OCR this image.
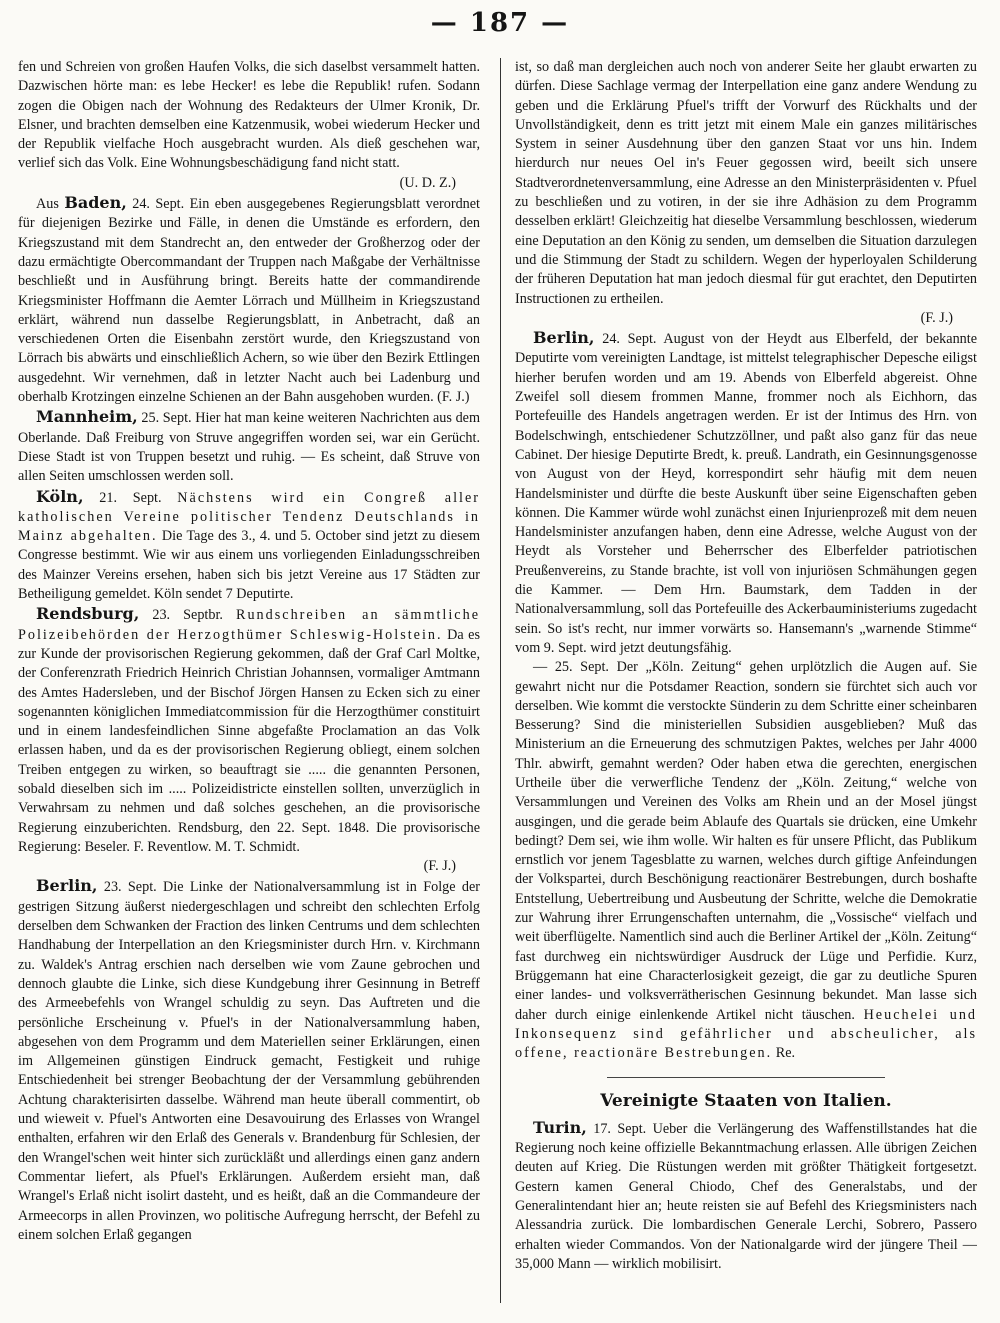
— 187 —

fen und Schreien von großen Haufen Volks, die sich daselbst versammelt hatten. Dazwischen hörte man: es lebe Hecker! es lebe die Republik! rufen. Sodann zogen die Obigen nach der Wohnung des Redakteurs der Ulmer Kronik, Dr. Elsner, und brachten demselben eine Katzenmusik, wobei wiederum Hecker und der Republik vielfache Hoch ausgebracht wurden. Als dieß geschehen war, verlief sich das Volk. Eine Wohnungsbeschädigung fand nicht statt.

(U. D. Z.)

Aus Baden, 24. Sept. Ein eben ausgegebenes Regierungsblatt verordnet für diejenigen Bezirke und Fälle, in denen die Umstände es erfordern, den Kriegszustand mit dem Standrecht an, den entweder der Großherzog oder der dazu ermächtigte Obercommandant der Truppen nach Maßgabe der Verhältnisse beschließt und in Ausführung bringt. Bereits hatte der commandirende Kriegsminister Hoffmann die Aemter Lörrach und Müllheim in Kriegszustand erklärt, während nun dasselbe Regierungsblatt, in Anbetracht, daß an verschiedenen Orten die Eisenbahn zerstört wurde, den Kriegszustand von Lörrach bis abwärts und einschließlich Achern, so wie über den Bezirk Ettlingen ausgedehnt. Wir vernehmen, daß in letzter Nacht auch bei Ladenburg und oberhalb Krotzingen einzelne Schienen an der Bahn ausgehoben wurden. (F. J.)

Mannheim, 25. Sept. Hier hat man keine weiteren Nachrichten aus dem Oberlande. Daß Freiburg von Struve angegriffen worden sei, war ein Gerücht. Diese Stadt ist von Truppen besetzt und ruhig. — Es scheint, daß Struve von allen Seiten umschlossen werden soll.

Köln, 21. Sept. Nächstens wird ein Congreß aller katholischen Vereine politischer Tendenz Deutschlands in Mainz abgehalten. Die Tage des 3., 4. und 5. October sind jetzt zu diesem Congresse bestimmt. Wie wir aus einem uns vorliegenden Einladungsschreiben des Mainzer Vereins ersehen, haben sich bis jetzt Vereine aus 17 Städten zur Betheiligung gemeldet. Köln sendet 7 Deputirte.

Rendsburg, 23. Septbr. Rundschreiben an sämmtliche Polizeibehörden der Herzogthümer Schleswig-Holstein. Da es zur Kunde der provisorischen Regierung gekommen, daß der Graf Carl Moltke, der Conferenzrath Friedrich Heinrich Christian Johannsen, vormaliger Amtmann des Amtes Hadersleben, und der Bischof Jörgen Hansen zu Ecken sich zu einer sogenannten königlichen Immediatcommission für die Herzogthümer constituirt und in einem landesfeindlichen Sinne abgefaßte Proclamation an das Volk erlassen haben, und da es der provisorischen Regierung obliegt, einem solchen Treiben entgegen zu wirken, so beauftragt sie ..... die genannten Personen, sobald dieselben sich im ..... Polizeidistricte einstellen sollten, unverzüglich in Verwahrsam zu nehmen und daß solches geschehen, an die provisorische Regierung einzuberichten. Rendsburg, den 22. Sept. 1848. Die provisorische Regierung: Beseler. F. Reventlow. M. T. Schmidt.

(F. J.)

Berlin, 23. Sept. Die Linke der Nationalversammlung ist in Folge der gestrigen Sitzung äußerst niedergeschlagen und schreibt den schlechten Erfolg derselben dem Schwanken der Fraction des linken Centrums und dem schlechten Handhabung der Interpellation an den Kriegsminister durch Hrn. v. Kirchmann zu. Waldek's Antrag erschien nach derselben wie vom Zaune gebrochen und dennoch glaubte die Linke, sich diese Kundgebung ihrer Gesinnung in Betreff des Armeebefehls von Wrangel schuldig zu seyn. Das Auftreten und die persönliche Erscheinung v. Pfuel's in der Nationalversammlung haben, abgesehen von dem Programm und dem Materiellen seiner Erklärungen, einen im Allgemeinen günstigen Eindruck gemacht, Festigkeit und ruhige Entschiedenheit bei strenger Beobachtung der der Versammlung gebührenden Achtung charakterisirten dasselbe. Während man heute überall commentirt, ob und wieweit v. Pfuel's Antworten eine Desavouirung des Erlasses von Wrangel enthalten, erfahren wir den Erlaß des Generals v. Brandenburg für Schlesien, der den Wrangel'schen weit hinter sich zurückläßt und allerdings einen ganz andern Commentar liefert, als Pfuel's Erklärungen. Außerdem ersieht man, daß Wrangel's Erlaß nicht isolirt dasteht, und es heißt, daß an die Commandeure der Armeecorps in allen Provinzen, wo politische Aufregung herrscht, der Befehl zu einem solchen Erlaß gegangen

ist, so daß man dergleichen auch noch von anderer Seite her glaubt erwarten zu dürfen. Diese Sachlage vermag der Interpellation eine ganz andere Wendung zu geben und die Erklärung Pfuel's trifft der Vorwurf des Rückhalts und der Unvollständigkeit, denn es tritt jetzt mit einem Male ein ganzes militärisches System in seiner Ausdehnung über den ganzen Staat vor uns hin. Indem hierdurch nur neues Oel in's Feuer gegossen wird, beeilt sich unsere Stadtverordnetenversammlung, eine Adresse an den Ministerpräsidenten v. Pfuel zu beschließen und zu votiren, in der sie ihre Adhäsion zu dem Programm desselben erklärt! Gleichzeitig hat dieselbe Versammlung beschlossen, wiederum eine Deputation an den König zu senden, um demselben die Situation darzulegen und die Stimmung der Stadt zu schildern. Wegen der hyperloyalen Schilderung der früheren Deputation hat man jedoch diesmal für gut erachtet, den Deputirten Instructionen zu ertheilen.

(F. J.)

Berlin, 24. Sept. August von der Heydt aus Elberfeld, der bekannte Deputirte vom vereinigten Landtage, ist mittelst telegraphischer Depesche eiligst hierher berufen worden und am 19. Abends von Elberfeld abgereist. Ohne Zweifel soll diesem frommen Manne, frommer noch als Eichhorn, das Portefeuille des Handels angetragen werden. Er ist der Intimus des Hrn. von Bodelschwingh, entschiedener Schutzzöllner, und paßt also ganz für das neue Cabinet. Der hiesige Deputirte Bredt, k. preuß. Landrath, ein Gesinnungsgenosse von August von der Heyd, korrespondirt sehr häufig mit dem neuen Handelsminister und dürfte die beste Auskunft über seine Eigenschaften geben können. Die Kammer würde wohl zunächst einen Injurienprozeß mit dem neuen Handelsminister anzufangen haben, denn eine Adresse, welche August von der Heydt als Vorsteher und Beherrscher des Elberfelder patriotischen Preußenvereins, zu Stande brachte, ist voll von injuriösen Schmähungen gegen die Kammer. — Dem Hrn. Baumstark, dem Tadden in der Nationalversammlung, soll das Portefeuille des Ackerbauministeriums zugedacht sein. So ist's recht, nur immer vorwärts so. Hansemann's „warnende Stimme“ vom 9. Sept. wird jetzt deutungsfähig.

— 25. Sept. Der „Köln. Zeitung“ gehen urplötzlich die Augen auf. Sie gewahrt nicht nur die Potsdamer Reaction, sondern sie fürchtet sich auch vor derselben. Wie kommt die verstockte Sünderin zu dem Schritte einer scheinbaren Besserung? Sind die ministeriellen Subsidien ausgeblieben? Muß das Ministerium an die Erneuerung des schmutzigen Paktes, welches per Jahr 4000 Thlr. abwirft, gemahnt werden? Oder haben etwa die gerechten, energischen Urtheile über die verwerfliche Tendenz der „Köln. Zeitung,“ welche von Versammlungen und Vereinen des Volks am Rhein und an der Mosel jüngst ausgingen, und die gerade beim Ablaufe des Quartals sie drücken, eine Umkehr bedingt? Dem sei, wie ihm wolle. Wir halten es für unsere Pflicht, das Publikum ernstlich vor jenem Tagesblatte zu warnen, welches durch giftige Anfeindungen der Volkspartei, durch Beschönigung reactionärer Bestrebungen, durch boshafte Entstellung, Uebertreibung und Ausbeutung der Schritte, welche die Demokratie zur Wahrung ihrer Errungenschaften unternahm, die „Vossische“ vielfach und weit überflügelte. Namentlich sind auch die Berliner Artikel der „Köln. Zeitung“ fast durchweg ein nichtswürdiger Ausdruck der Lüge und Perfidie. Kurz, Brüggemann hat eine Characterlosigkeit gezeigt, die gar zu deutliche Spuren einer landes- und volksverrätherischen Gesinnung bekundet. Man lasse sich daher durch einige einlenkende Artikel nicht täuschen. Heuchelei und Inkonsequenz sind gefährlicher und abscheulicher, als offene, reactionäre Bestrebungen. Re.

Vereinigte Staaten von Italien.

Turin, 17. Sept. Ueber die Verlängerung des Waffenstillstandes hat die Regierung noch keine offizielle Bekanntmachung erlassen. Alle übrigen Zeichen deuten auf Krieg. Die Rüstungen werden mit größter Thätigkeit fortgesetzt. Gestern kamen General Chiodo, Chef des Generalstabs, und der Generalintendant hier an; heute reisten sie auf Befehl des Kriegsministers nach Alessandria zurück. Die lombardischen Generale Lerchi, Sobrero, Passero erhalten wieder Commandos. Von der Nationalgarde wird der jüngere Theil — 35,000 Mann — wirklich mobilisirt.
